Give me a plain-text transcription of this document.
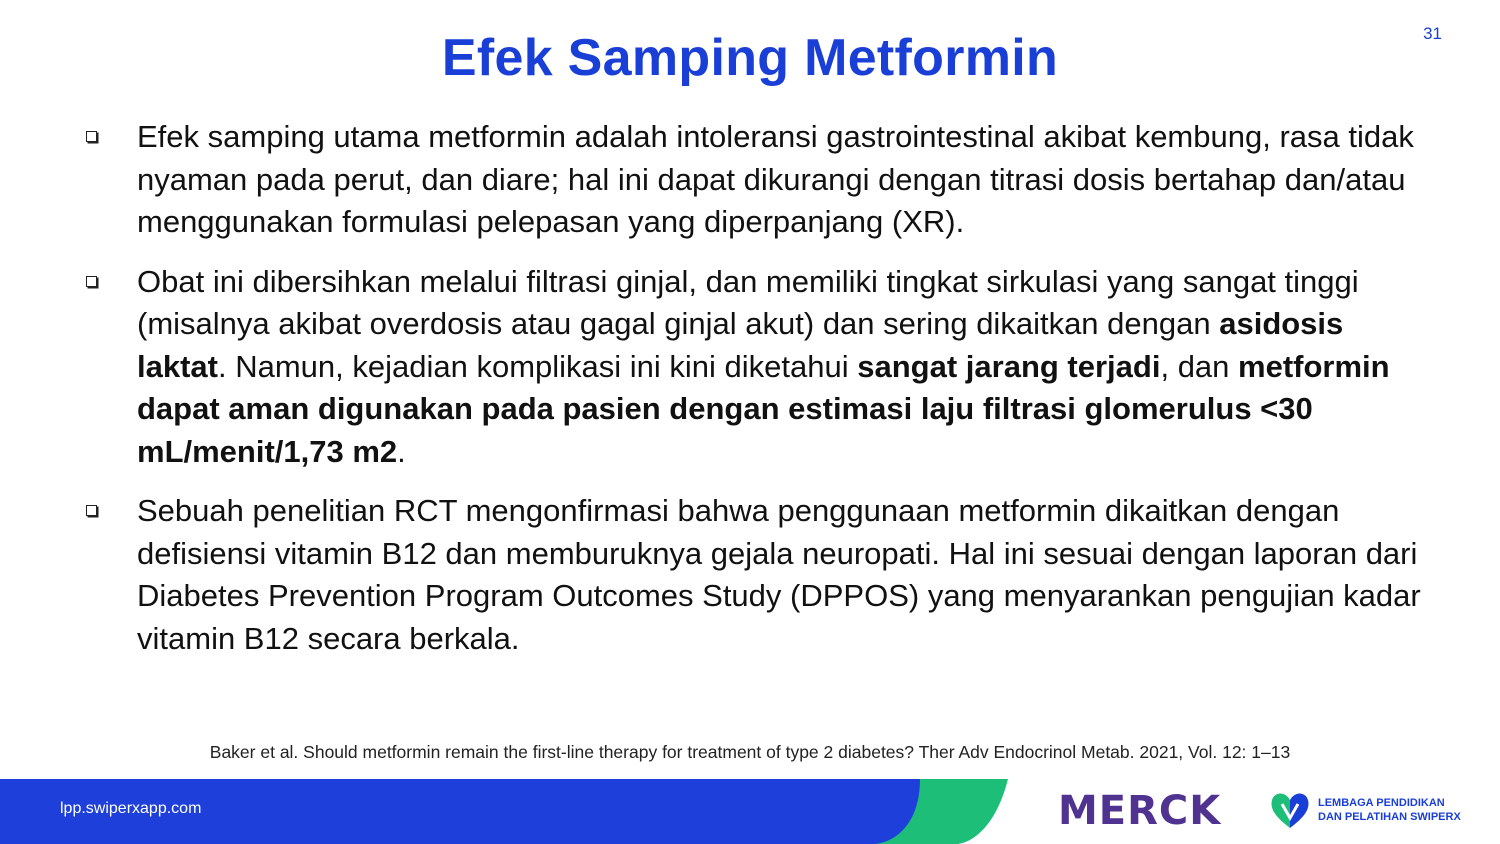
31
Efek Samping Metformin
Efek samping utama metformin adalah intoleransi gastrointestinal akibat kembung, rasa tidak nyaman pada perut, dan diare; hal ini dapat dikurangi dengan titrasi dosis bertahap dan/atau menggunakan formulasi pelepasan yang diperpanjang (XR).
Obat ini dibersihkan melalui filtrasi ginjal, dan memiliki tingkat sirkulasi yang sangat tinggi (misalnya akibat overdosis atau gagal ginjal akut) dan sering dikaitkan dengan asidosis laktat. Namun, kejadian komplikasi ini kini diketahui sangat jarang terjadi, dan metformin dapat aman digunakan pada pasien dengan estimasi laju filtrasi glomerulus <30 mL/menit/1,73 m2.
Sebuah penelitian RCT mengonfirmasi bahwa penggunaan metformin dikaitkan dengan defisiensi vitamin B12 dan memburuknya gejala neuropati. Hal ini sesuai dengan laporan dari Diabetes Prevention Program Outcomes Study (DPPOS) yang menyarankan pengujian kadar vitamin B12 secara berkala.
Baker et al. Should metformin remain the first-line therapy for treatment of type 2 diabetes? Ther Adv Endocrinol Metab. 2021, Vol. 12: 1–13
lpp.swiperxapp.com	MERCK	LEMBAGA PENDIDIKAN
DAN PELATIHAN SWIPERX
